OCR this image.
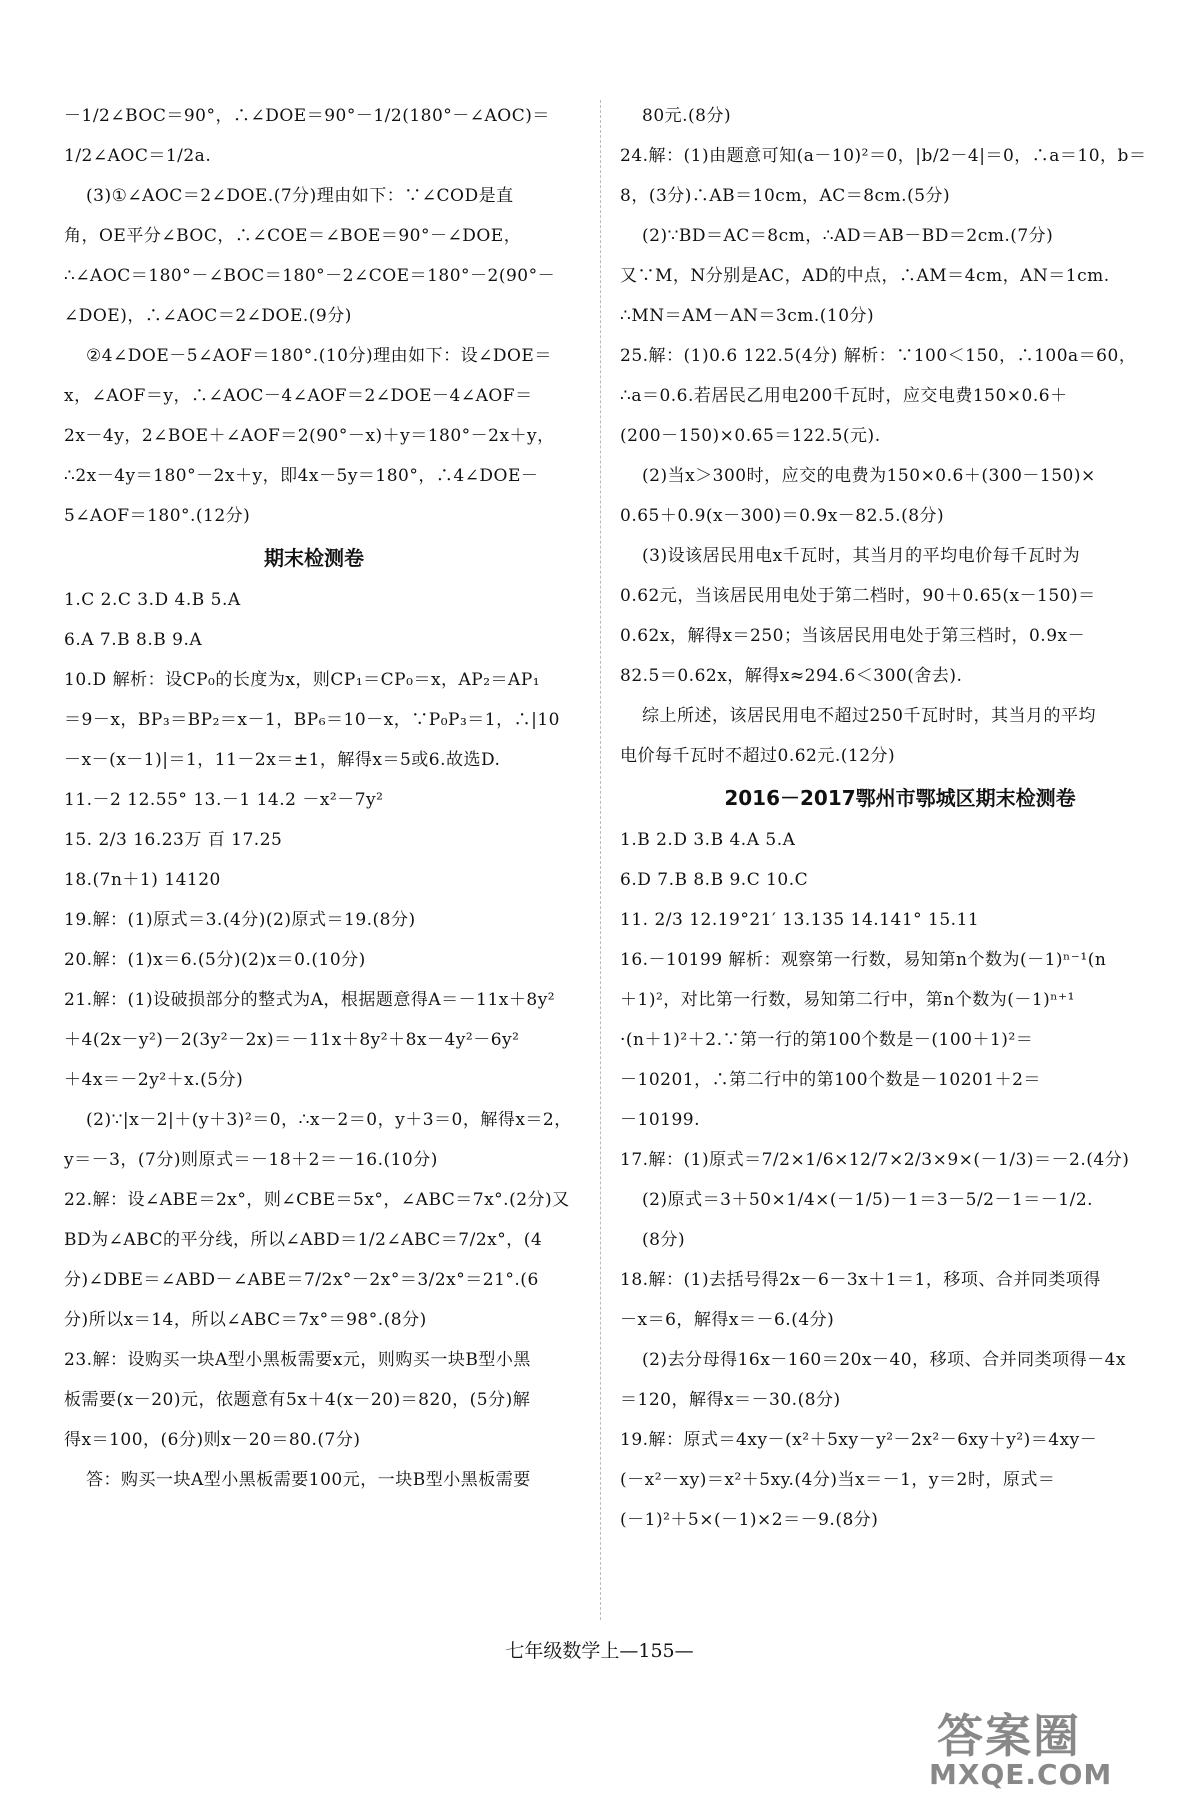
－1/2∠BOC＝90°，∴∠DOE＝90°－1/2(180°－∠AOC)＝
1/2∠AOC＝1/2a.
(3)①∠AOC＝2∠DOE.(7分)理由如下：∵∠COD是直
角，OE平分∠BOC，∴∠COE＝∠BOE＝90°－∠DOE，
∴∠AOC＝180°－∠BOC＝180°－2∠COE＝180°－2(90°－
∠DOE)，∴∠AOC＝2∠DOE.(9分)
②4∠DOE－5∠AOF＝180°.(10分)理由如下：设∠DOE＝
x，∠AOF＝y，∴∠AOC－4∠AOF＝2∠DOE－4∠AOF＝
2x－4y，2∠BOE＋∠AOF＝2(90°－x)＋y＝180°－2x＋y，
∴2x－4y＝180°－2x＋y，即4x－5y＝180°，∴4∠DOE－
5∠AOF＝180°.(12分)
期末检测卷
1.C 2.C 3.D 4.B 5.A
6.A 7.B 8.B 9.A
10.D 解析：设CP₀的长度为x，则CP₁＝CP₀＝x，AP₂＝AP₁
＝9－x，BP₃＝BP₂＝x－1，BP₆＝10－x，∵P₀P₃＝1，∴|10
－x－(x－1)|＝1，11－2x＝±1，解得x＝5或6.故选D.
11.－2 12.55° 13.－1 14.2 －x²－7y²
15. 2/3 16.23万 百 17.25
18.(7n＋1) 14120
19.解：(1)原式＝3.(4分)(2)原式＝19.(8分)
20.解：(1)x＝6.(5分)(2)x＝0.(10分)
21.解：(1)设破损部分的整式为A，根据题意得A＝－11x＋8y²
＋4(2x－y²)－2(3y²－2x)＝－11x＋8y²＋8x－4y²－6y²
＋4x＝－2y²＋x.(5分)
(2)∵|x－2|＋(y＋3)²＝0，∴x－2＝0，y＋3＝0，解得x＝2，
y＝－3，(7分)则原式＝－18＋2＝－16.(10分)
22.解：设∠ABE＝2x°，则∠CBE＝5x°，∠ABC＝7x°.(2分)又
BD为∠ABC的平分线，所以∠ABD＝1/2∠ABC＝7/2x°，(4
分)∠DBE＝∠ABD－∠ABE＝7/2x°－2x°＝3/2x°＝21°.(6
分)所以x＝14，所以∠ABC＝7x°＝98°.(8分)
23.解：设购买一块A型小黑板需要x元，则购买一块B型小黑
板需要(x－20)元，依题意有5x＋4(x－20)＝820，(5分)解
得x＝100，(6分)则x－20＝80.(7分)
答：购买一块A型小黑板需要100元，一块B型小黑板需要
80元.(8分)
24.解：(1)由题意可知(a－10)²＝0，|b/2－4|＝0，∴a＝10，b＝
8，(3分)∴AB＝10cm，AC＝8cm.(5分)
(2)∵BD＝AC＝8cm，∴AD＝AB－BD＝2cm.(7分)
又∵M，N分别是AC，AD的中点，∴AM＝4cm，AN＝1cm.
∴MN＝AM－AN＝3cm.(10分)
25.解：(1)0.6 122.5(4分) 解析：∵100＜150，∴100a＝60，
∴a＝0.6.若居民乙用电200千瓦时，应交电费150×0.6＋
(200－150)×0.65＝122.5(元).
(2)当x＞300时，应交的电费为150×0.6＋(300－150)×
0.65＋0.9(x－300)＝0.9x－82.5.(8分)
(3)设该居民用电x千瓦时，其当月的平均电价每千瓦时为
0.62元，当该居民用电处于第二档时，90＋0.65(x－150)＝
0.62x，解得x＝250；当该居民用电处于第三档时，0.9x－
82.5＝0.62x，解得x≈294.6＜300(舍去).
综上所述，该居民用电不超过250千瓦时时，其当月的平均
电价每千瓦时不超过0.62元.(12分)
2016－2017鄂州市鄂城区期末检测卷
1.B 2.D 3.B 4.A 5.A
6.D 7.B 8.B 9.C 10.C
11. 2/3 12.19°21′ 13.135 14.141° 15.11
16.－10199 解析：观察第一行数，易知第n个数为(－1)ⁿ⁻¹(n
＋1)²，对比第一行数，易知第二行中，第n个数为(－1)ⁿ⁺¹
·(n＋1)²＋2.∵第一行的第100个数是－(100＋1)²＝
－10201，∴第二行中的第100个数是－10201＋2＝
－10199.
17.解：(1)原式＝7/2×1/6×12/7×2/3×9×(－1/3)＝－2.(4分)
(2)原式＝3＋50×1/4×(－1/5)－1＝3－5/2－1＝－1/2.
(8分)
18.解：(1)去括号得2x－6－3x＋1＝1，移项、合并同类项得
－x＝6，解得x＝－6.(4分)
(2)去分母得16x－160＝20x－40，移项、合并同类项得－4x
＝120，解得x＝－30.(8分)
19.解：原式＝4xy－(x²＋5xy－y²－2x²－6xy＋y²)＝4xy－
(－x²－xy)＝x²＋5xy.(4分)当x＝－1，y＝2时，原式＝
(－1)²＋5×(－1)×2＝－9.(8分)
七年级数学上—155—
答案圈
MXQE.COM
